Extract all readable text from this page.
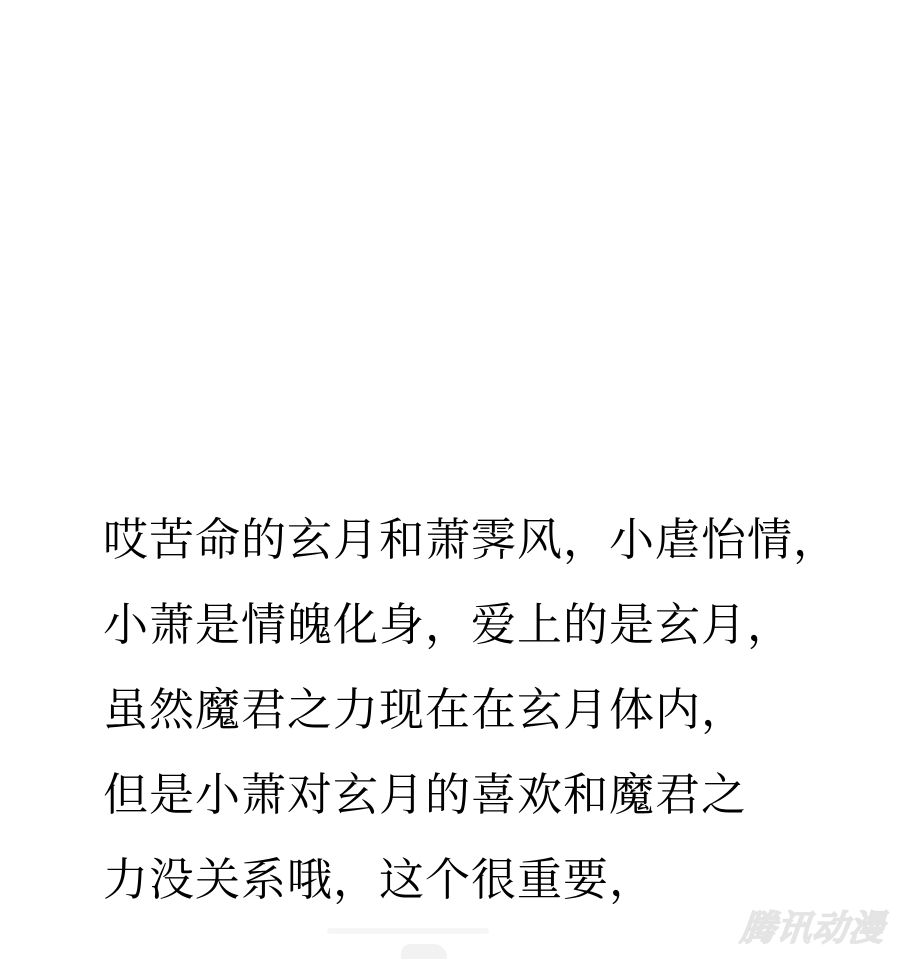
哎苦命的玄月和萧霁风，小虐怡情，
小萧是情魄化身，爱上的是玄月，
虽然魔君之力现在在玄月体内，
但是小萧对玄月的喜欢和魔君之
力没关系哦，这个很重要，
腾讯动漫
